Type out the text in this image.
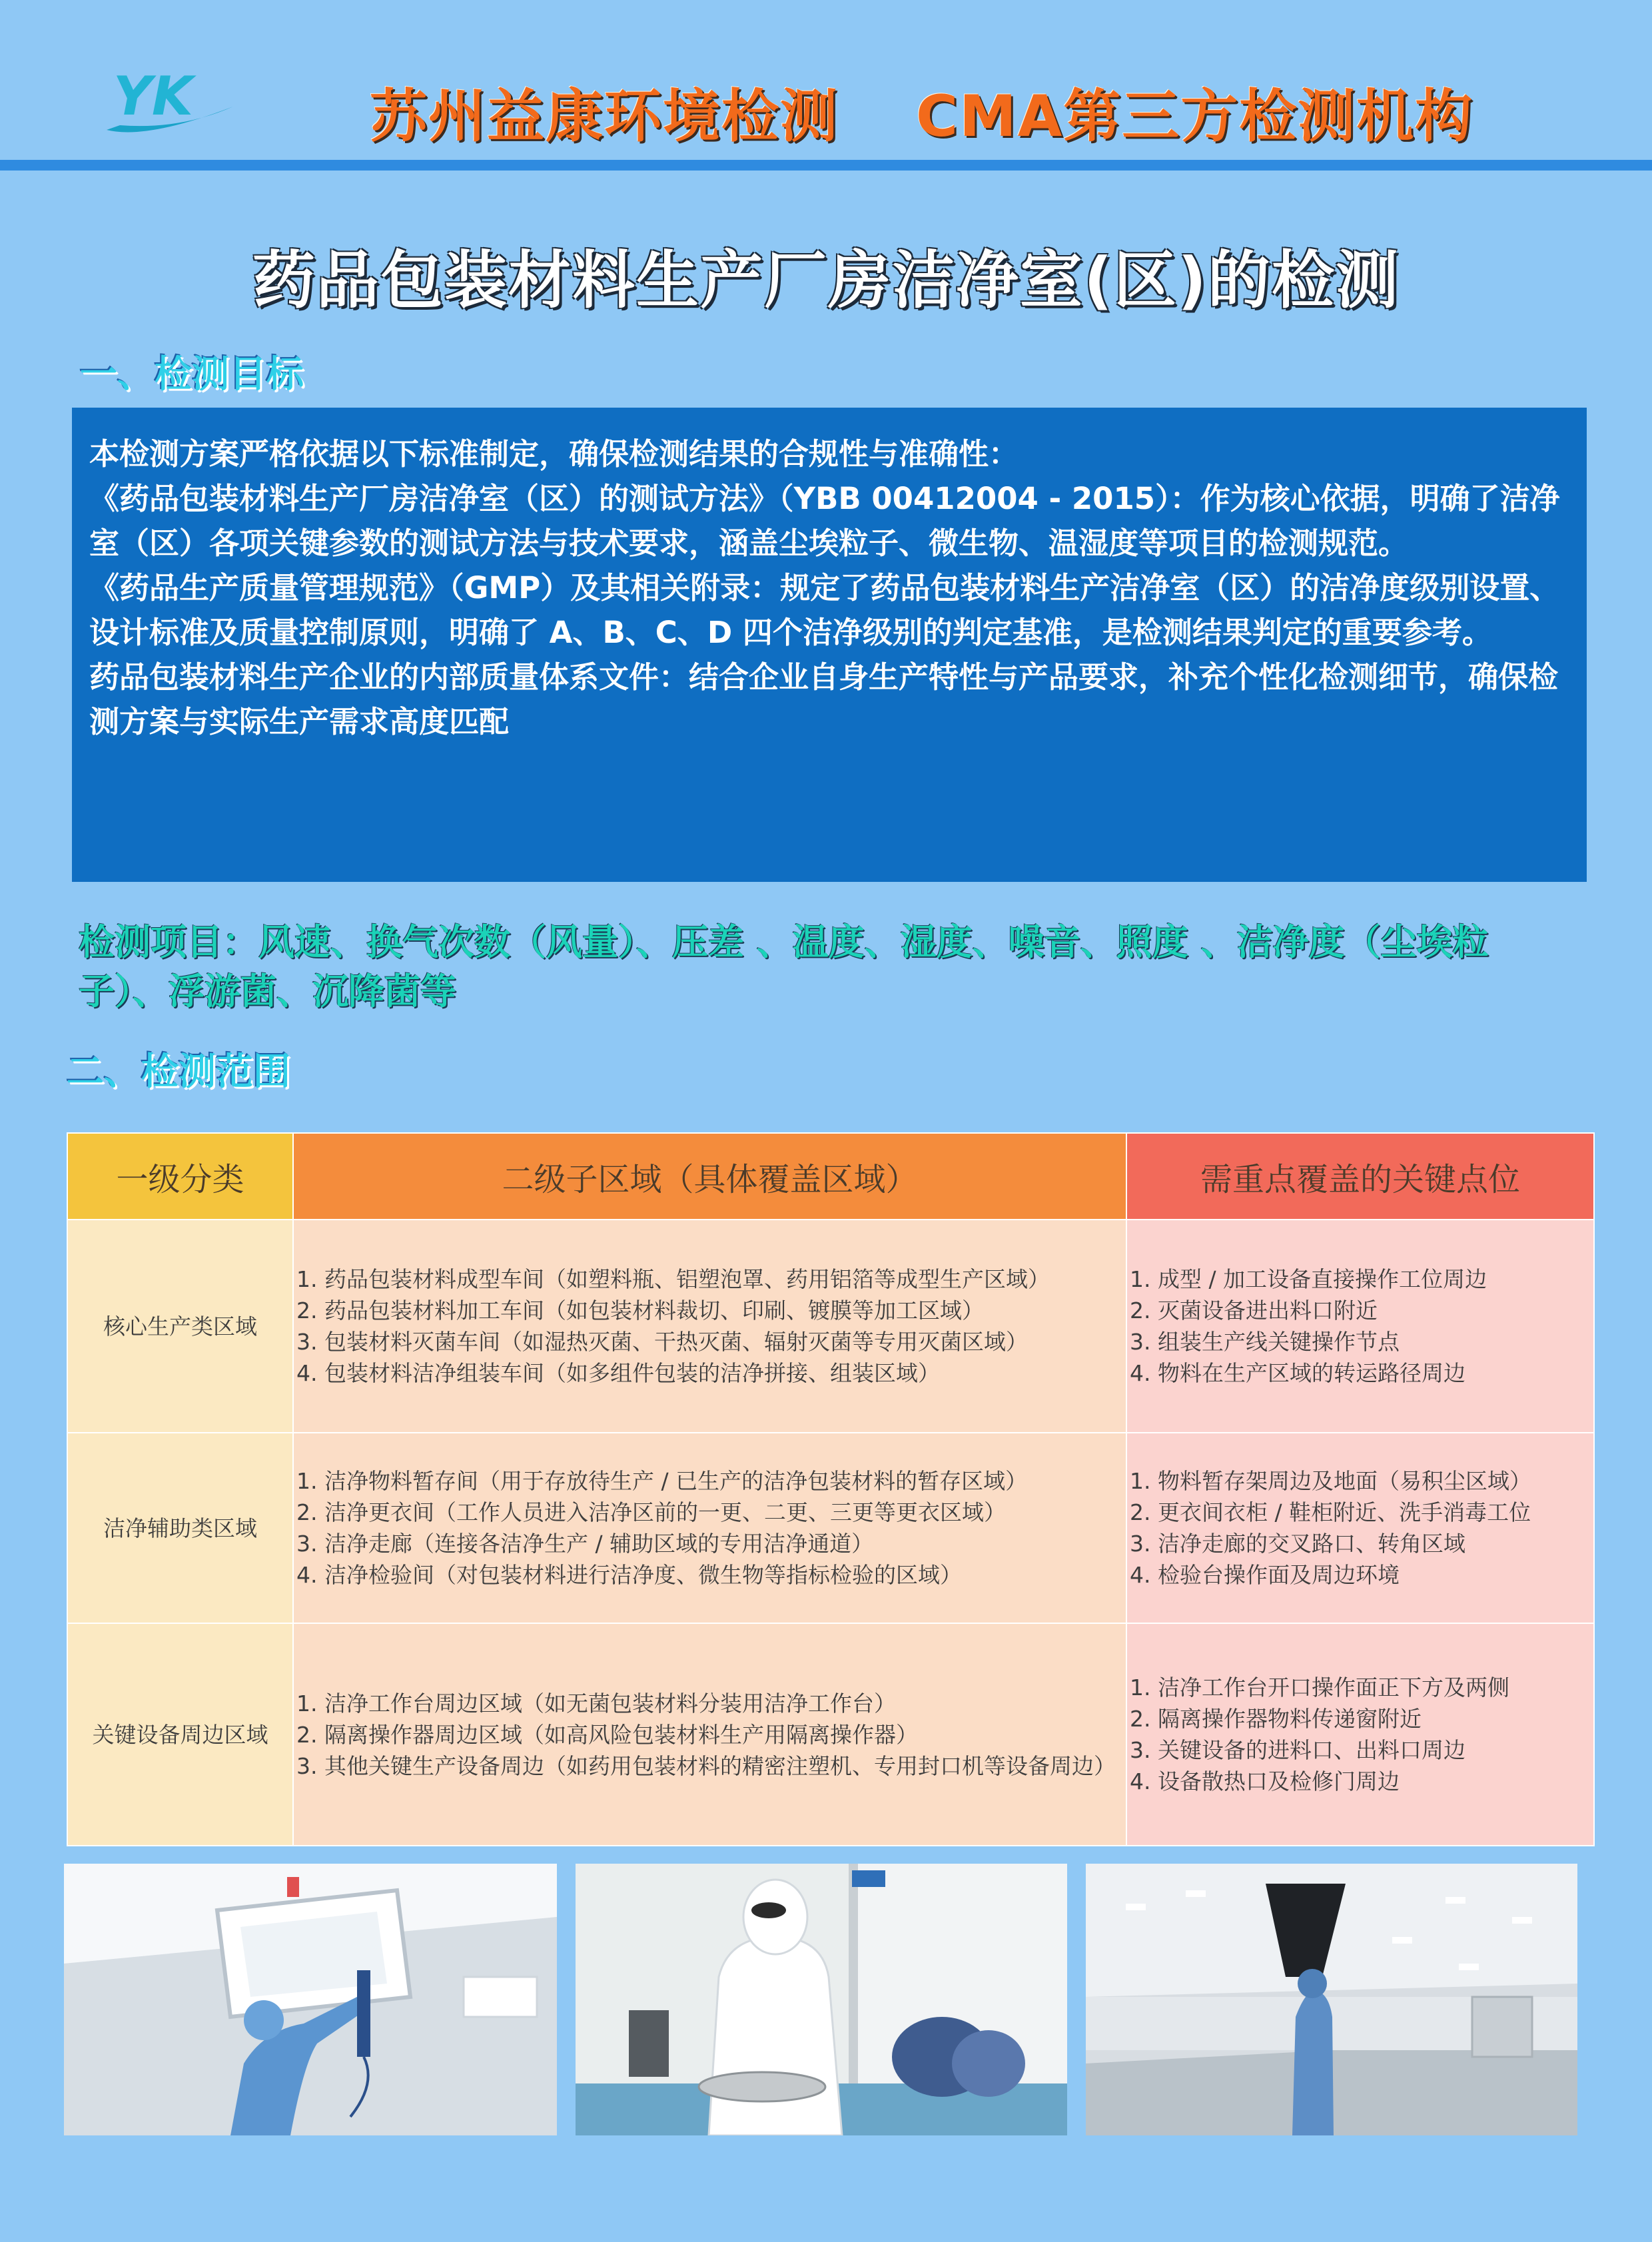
YK	苏州益康环境检测 CMA第三方检测机构
药品包装材料生产厂房洁净室(区)的检测
一、检测目标

本检测方案严格依据以下标准制定，确保检测结果的合规性与准确性：

《药品包装材料生产厂房洁净室（区）的测试方法》（YBB 00412004 - 2015）：作为核心依据，明确了洁净室（区）各项关键参数的测试方法与技术要求，涵盖尘埃粒子、微生物、温湿度等项目的检测规范。

《药品生产质量管理规范》（GMP）及其相关附录：规定了药品包装材料生产洁净室（区）的洁净度级别设置、设计标准及质量控制原则，明确了 A、B、C、D 四个洁净级别的判定基准，是检测结果判定的重要参考。

药品包装材料生产企业的内部质量体系文件：结合企业自身生产特性与产品要求，补充个性化检测细节，确保检测方案与实际生产需求高度匹配

检测项目：风速、换气次数（风量）、压差 、温度、湿度、噪音、照度 、洁净度（尘埃粒子）、浮游菌、沉降菌等
二、检测范围
一级分类	二级子区域（具体覆盖区域）	需重点覆盖的关键点位
核心生产类区域	1. 药品包装材料成型车间（如塑料瓶、铝塑泡罩、药用铝箔等成型生产区域）
2. 药品包装材料加工车间（如包装材料裁切、印刷、镀膜等加工区域）
3. 包装材料灭菌车间（如湿热灭菌、干热灭菌、辐射灭菌等专用灭菌区域）
4. 包装材料洁净组装车间（如多组件包装的洁净拼接、组装区域）	1. 成型 / 加工设备直接操作工位周边
2. 灭菌设备进出料口附近
3. 组装生产线关键操作节点
4. 物料在生产区域的转运路径周边

洁净辅助类区域	1. 洁净物料暂存间（用于存放待生产 / 已生产的洁净包装材料的暂存区域）
2. 洁净更衣间（工作人员进入洁净区前的一更、二更、三更等更衣区域）
3. 洁净走廊（连接各洁净生产 / 辅助区域的专用洁净通道）
4. 洁净检验间（对包装材料进行洁净度、微生物等指标检验的区域）	1. 物料暂存架周边及地面（易积尘区域）
2. 更衣间衣柜 / 鞋柜附近、洗手消毒工位
3. 洁净走廊的交叉路口、转角区域
4. 检验台操作面及周边环境

关键设备周边区域	1. 洁净工作台周边区域（如无菌包装材料分装用洁净工作台）
2. 隔离操作器周边区域（如高风险包装材料生产用隔离操作器）
3. 其他关键生产设备周边（如药用包装材料的精密注塑机、专用封口机等设备周边）	1. 洁净工作台开口操作面正下方及两侧
2. 隔离操作器物料传递窗附近
3. 关键设备的进料口、出料口周边
4. 设备散热口及检修门周边
